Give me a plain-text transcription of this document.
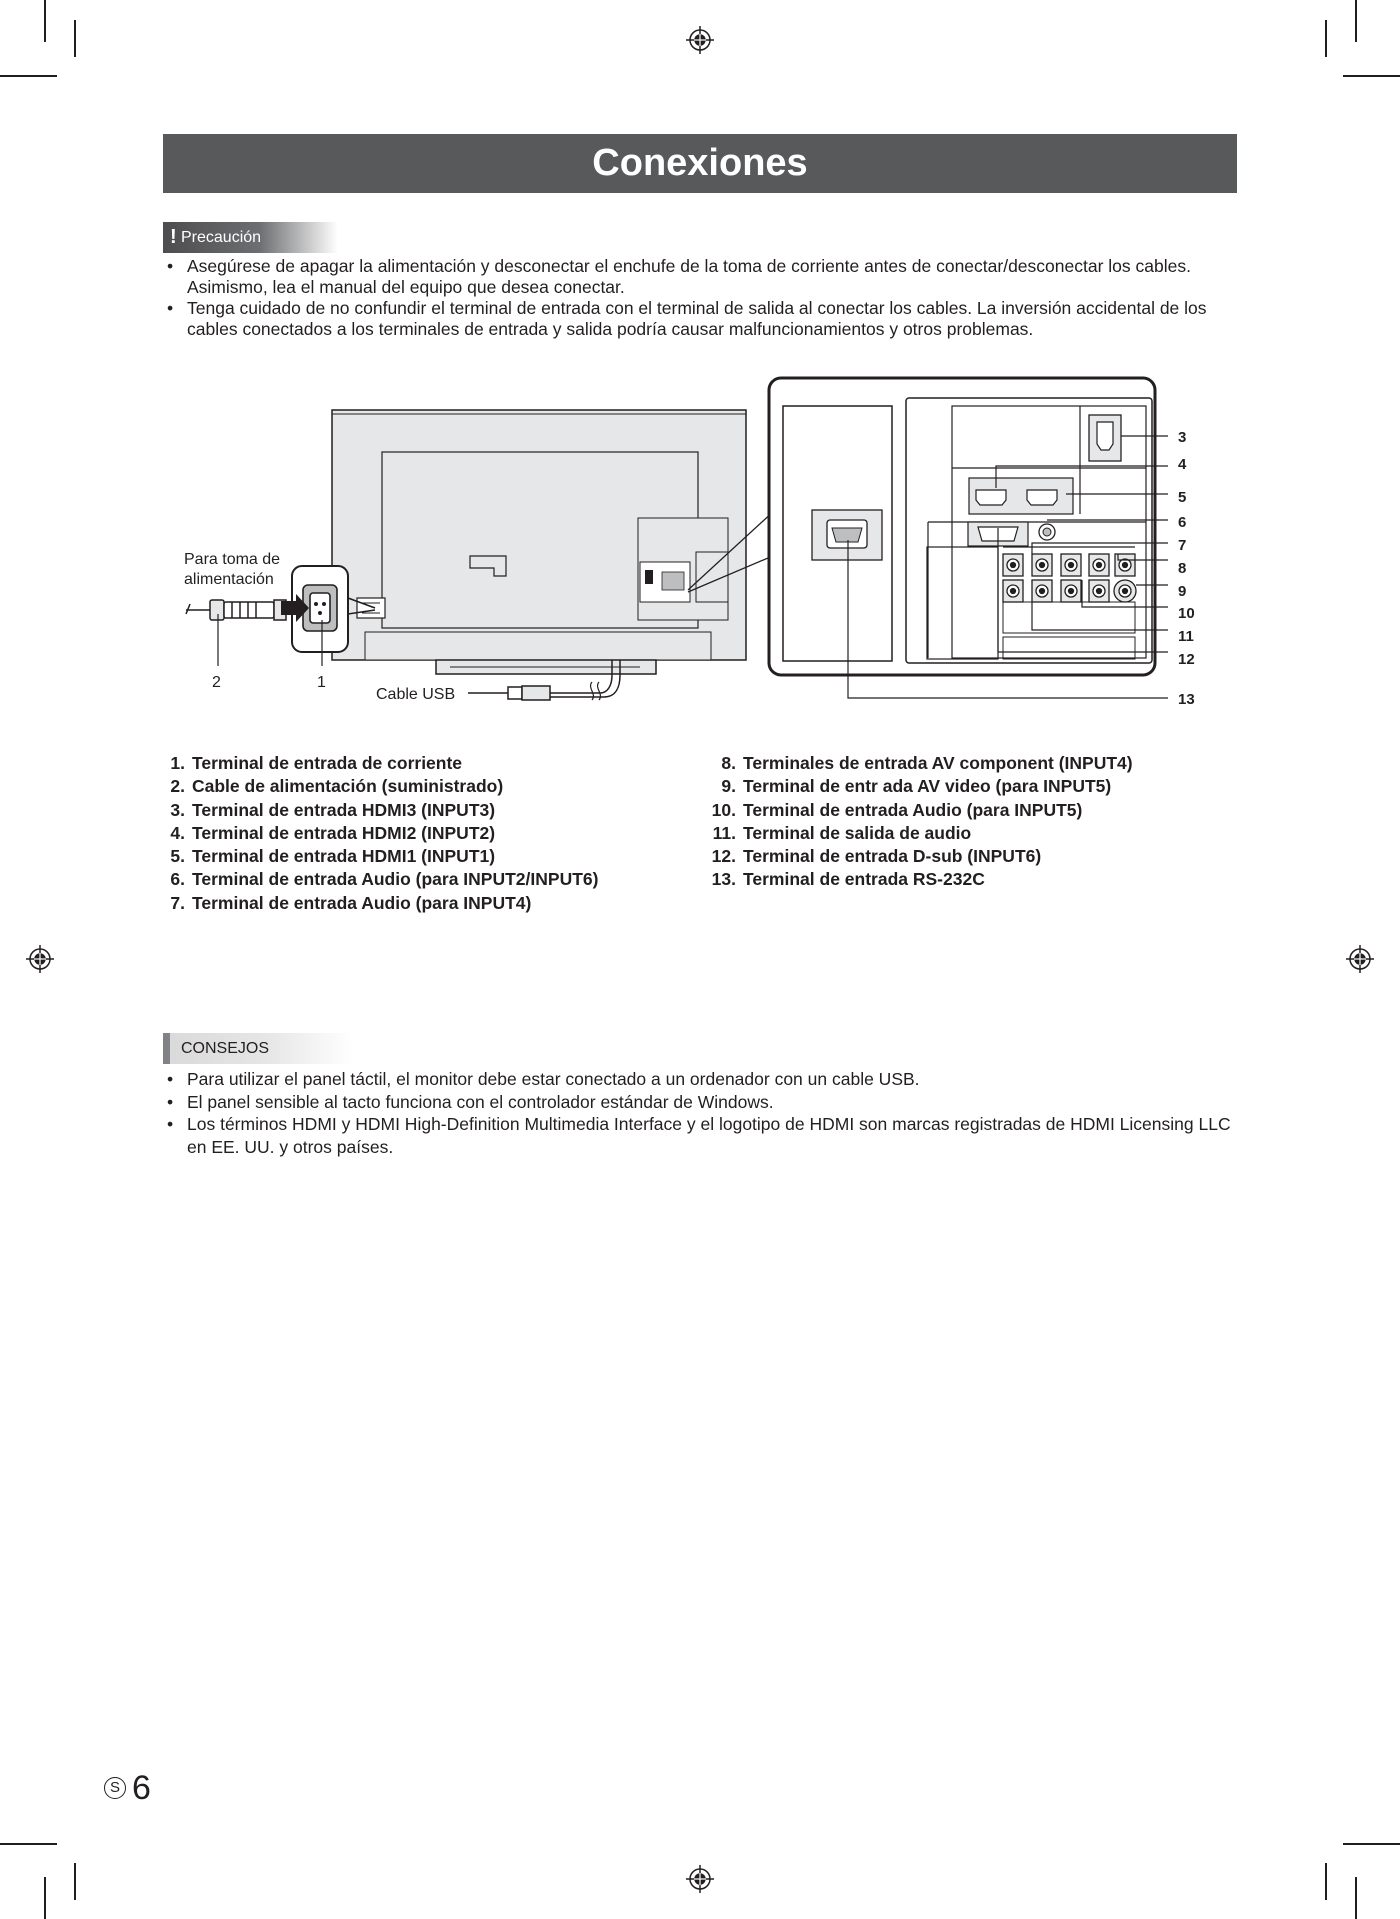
Conexiones
! Precaución
• Asegúrese de apagar la alimentación y desconectar el enchufe de la toma de corriente antes de conectar/desconectar los cables. Asimismo, lea el manual del equipo que desea conectar.
• Tenga cuidado de no confundir el terminal de entrada con el terminal de salida al conectar los cables. La inversión accidental de los cables conectados a los terminales de entrada y salida podría causar malfuncionamientos y otros problemas.
Para toma de
alimentación
Cable USB
2	1
3
4
5
6
7
8
9
10
11
12
13
1. Terminal de entrada de corriente
2. Cable de alimentación (suministrado)
3. Terminal de entrada HDMI3 (INPUT3)
4. Terminal de entrada HDMI2 (INPUT2)
5. Terminal de entrada HDMI1 (INPUT1)
6. Terminal de entrada Audio (para INPUT2/INPUT6)
7. Terminal de entrada Audio (para INPUT4)
8. Terminales de entrada AV component (INPUT4)
9. Terminal de entr ada AV video (para INPUT5)
10. Terminal de entrada Audio (para INPUT5)
11. Terminal de salida de audio
12. Terminal de entrada D-sub (INPUT6)
13. Terminal de entrada RS-232C
CONSEJOS
• Para utilizar el panel táctil, el monitor debe estar conectado a un ordenador con un cable USB.
• El panel sensible al tacto funciona con el controlador estándar de Windows.
• Los términos HDMI y HDMI High-Definition Multimedia Interface y el logotipo de HDMI son marcas registradas de HDMI Licensing LLC en EE. UU. y otros países.
S 6
